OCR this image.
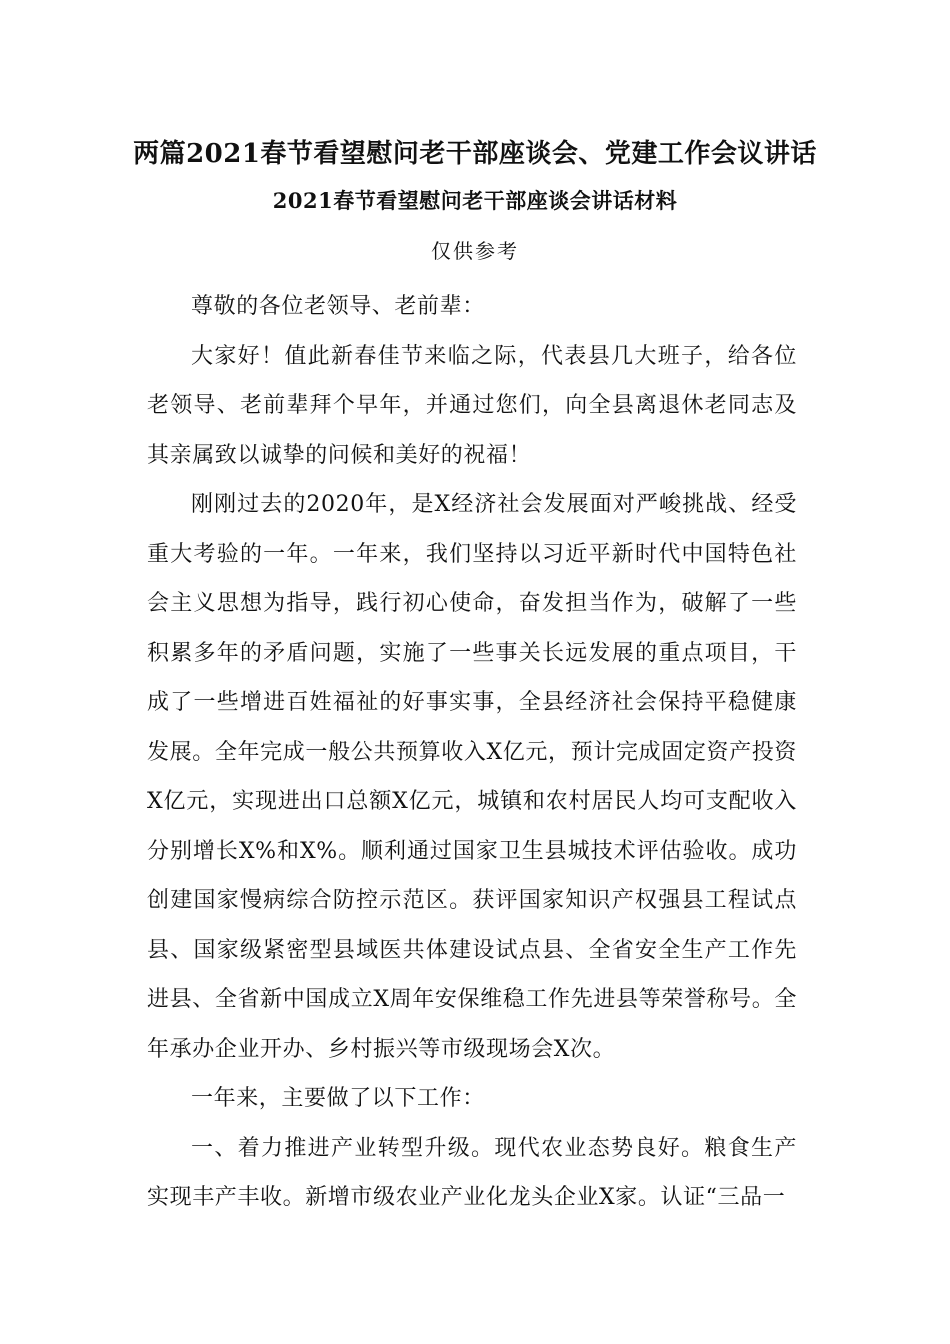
两篇2021春节看望慰问老干部座谈会、党建工作会议讲话
2021春节看望慰问老干部座谈会讲话材料
仅供参考

尊敬的各位老领导、老前辈：

大家好！值此新春佳节来临之际，代表县几大班子，给各位老领导、老前辈拜个早年，并通过您们，向全县离退休老同志及其亲属致以诚挚的问候和美好的祝福！

刚刚过去的2020年，是X经济社会发展面对严峻挑战、经受重大考验的一年。一年来，我们坚持以习近平新时代中国特色社会主义思想为指导，践行初心使命，奋发担当作为，破解了一些积累多年的矛盾问题，实施了一些事关长远发展的重点项目，干成了一些增进百姓福祉的好事实事，全县经济社会保持平稳健康发展。全年完成一般公共预算收入X亿元，预计完成固定资产投资X亿元，实现进出口总额X亿元，城镇和农村居民人均可支配收入分别增长X%和X%。顺利通过国家卫生县城技术评估验收。成功创建国家慢病综合防控示范区。获评国家知识产权强县工程试点县、国家级紧密型县域医共体建设试点县、全省安全生产工作先进县、全省新中国成立X周年安保维稳工作先进县等荣誉称号。全年承办企业开办、乡村振兴等市级现场会X次。

一年来，主要做了以下工作：

一、着力推进产业转型升级。现代农业态势良好。粮食生产实现丰产丰收。新增市级农业产业化龙头企业X家。认证“三品一
